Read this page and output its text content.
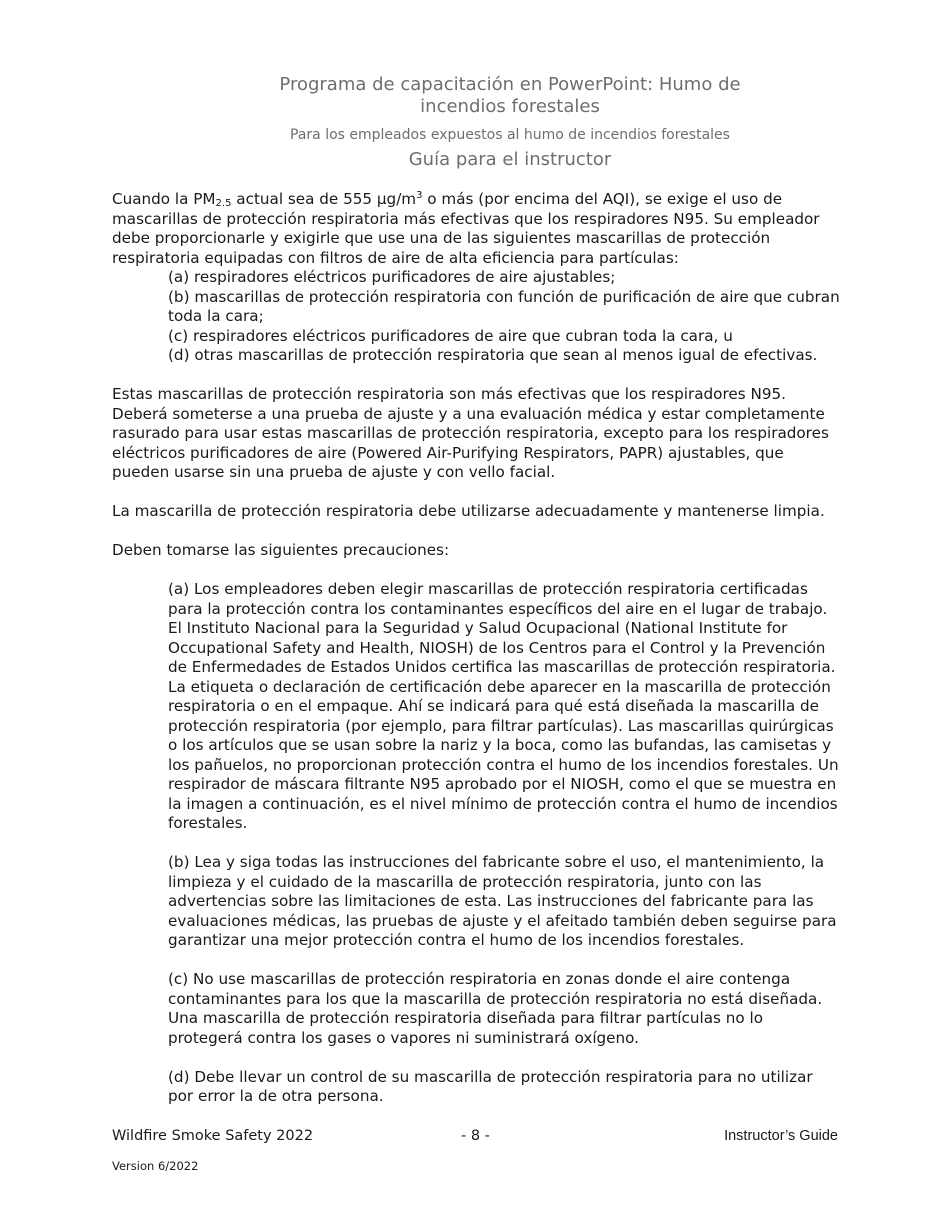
Programa de capacitación en PowerPoint: Humo de incendios forestales
Para los empleados expuestos al humo de incendios forestales
Guía para el instructor

Cuando la $PM_{2.5}$ actual sea de 555 $\mu g/m^3$ o más (por encima del AQI), se exige el uso de mascarillas de protección respiratoria más efectivas que los respiradores N95. Su empleador debe proporcionarle y exigirle que use una de las siguientes mascarillas de protección respiratoria equipadas con filtros de aire de alta eficiencia para partículas:

(a) respiradores eléctricos purificadores de aire ajustables;

(b) mascarillas de protección respiratoria con función de purificación de aire que cubran toda la cara;

(c) respiradores eléctricos purificadores de aire que cubran toda la cara, u

(d) otras mascarillas de protección respiratoria que sean al menos igual de efectivas.

Estas mascarillas de protección respiratoria son más efectivas que los respiradores N95. Deberá someterse a una prueba de ajuste y a una evaluación médica y estar completamente rasurado para usar estas mascarillas de protección respiratoria, excepto para los respiradores eléctricos purificadores de aire (Powered Air-Purifying Respirators, PAPR) ajustables, que pueden usarse sin una prueba de ajuste y con vello facial.

La mascarilla de protección respiratoria debe utilizarse adecuadamente y mantenerse limpia.

Deben tomarse las siguientes precauciones:

(a) Los empleadores deben elegir mascarillas de protección respiratoria certificadas para la protección contra los contaminantes específicos del aire en el lugar de trabajo. El Instituto Nacional para la Seguridad y Salud Ocupacional (National Institute for Occupational Safety and Health, NIOSH) de los Centros para el Control y la Prevención de Enfermedades de Estados Unidos certifica las mascarillas de protección respiratoria. La etiqueta o declaración de certificación debe aparecer en la mascarilla de protección respiratoria o en el empaque. Ahí se indicará para qué está diseñada la mascarilla de protección respiratoria (por ejemplo, para filtrar partículas). Las mascarillas quirúrgicas o los artículos que se usan sobre la nariz y la boca, como las bufandas, las camisetas y los pañuelos, no proporcionan protección contra el humo de los incendios forestales. Un respirador de máscara filtrante N95 aprobado por el NIOSH, como el que se muestra en la imagen a continuación, es el nivel mínimo de protección contra el humo de incendios forestales.

(b) Lea y siga todas las instrucciones del fabricante sobre el uso, el mantenimiento, la limpieza y el cuidado de la mascarilla de protección respiratoria, junto con las advertencias sobre las limitaciones de esta. Las instrucciones del fabricante para las evaluaciones médicas, las pruebas de ajuste y el afeitado también deben seguirse para garantizar una mejor protección contra el humo de los incendios forestales.

(c) No use mascarillas de protección respiratoria en zonas donde el aire contenga contaminantes para los que la mascarilla de protección respiratoria no está diseñada. Una mascarilla de protección respiratoria diseñada para filtrar partículas no lo protegerá contra los gases o vapores ni suministrará oxígeno.

(d) Debe llevar un control de su mascarilla de protección respiratoria para no utilizar por error la de otra persona.

Wildfire Smoke Safety 2022	- 8 -	Instructor’s Guide
Version 6/2022
